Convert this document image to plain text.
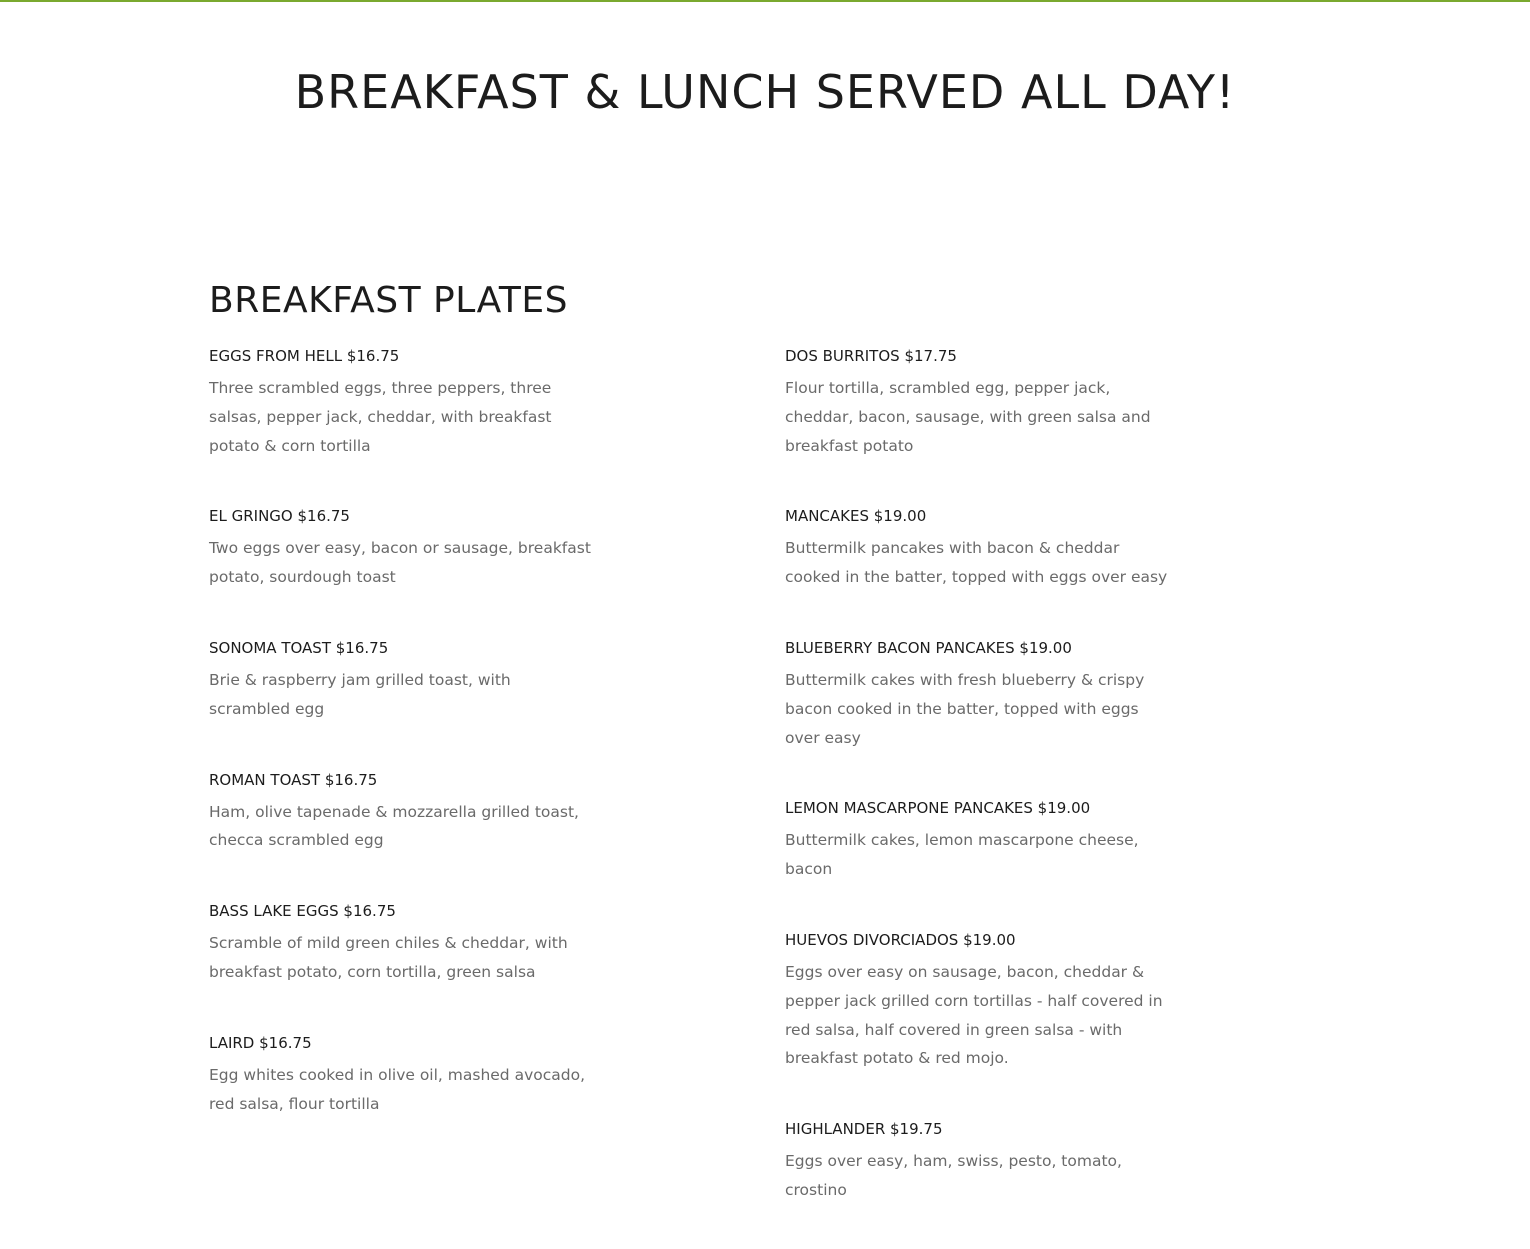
BREAKFAST & LUNCH SERVED ALL DAY!
BREAKFAST PLATES
EGGS FROM HELL $16.75

Three scrambled eggs, three peppers, three salsas, pepper jack, cheddar, with breakfast potato & corn tortilla

EL GRINGO $16.75

Two eggs over easy, bacon or sausage, breakfast potato, sourdough toast

SONOMA TOAST $16.75

Brie & raspberry jam grilled toast, with scrambled egg

ROMAN TOAST $16.75

Ham, olive tapenade & mozzarella grilled toast, checca scrambled egg

BASS LAKE EGGS $16.75

Scramble of mild green chiles & cheddar, with breakfast potato, corn tortilla, green salsa

LAIRD $16.75

Egg whites cooked in olive oil, mashed avocado, red salsa, flour tortilla

DOS BURRITOS $17.75

Flour tortilla, scrambled egg, pepper jack, cheddar, bacon, sausage, with green salsa and breakfast potato

MANCAKES $19.00

Buttermilk pancakes with bacon & cheddar cooked in the batter, topped with eggs over easy

BLUEBERRY BACON PANCAKES $19.00

Buttermilk cakes with fresh blueberry & crispy bacon cooked in the batter, topped with eggs over easy

LEMON MASCARPONE PANCAKES $19.00

Buttermilk cakes, lemon mascarpone cheese, bacon

HUEVOS DIVORCIADOS $19.00

Eggs over easy on sausage, bacon, cheddar & pepper jack grilled corn tortillas - half covered in red salsa, half covered in green salsa - with breakfast potato & red mojo.

HIGHLANDER $19.75

Eggs over easy, ham, swiss, pesto, tomato, crostino
